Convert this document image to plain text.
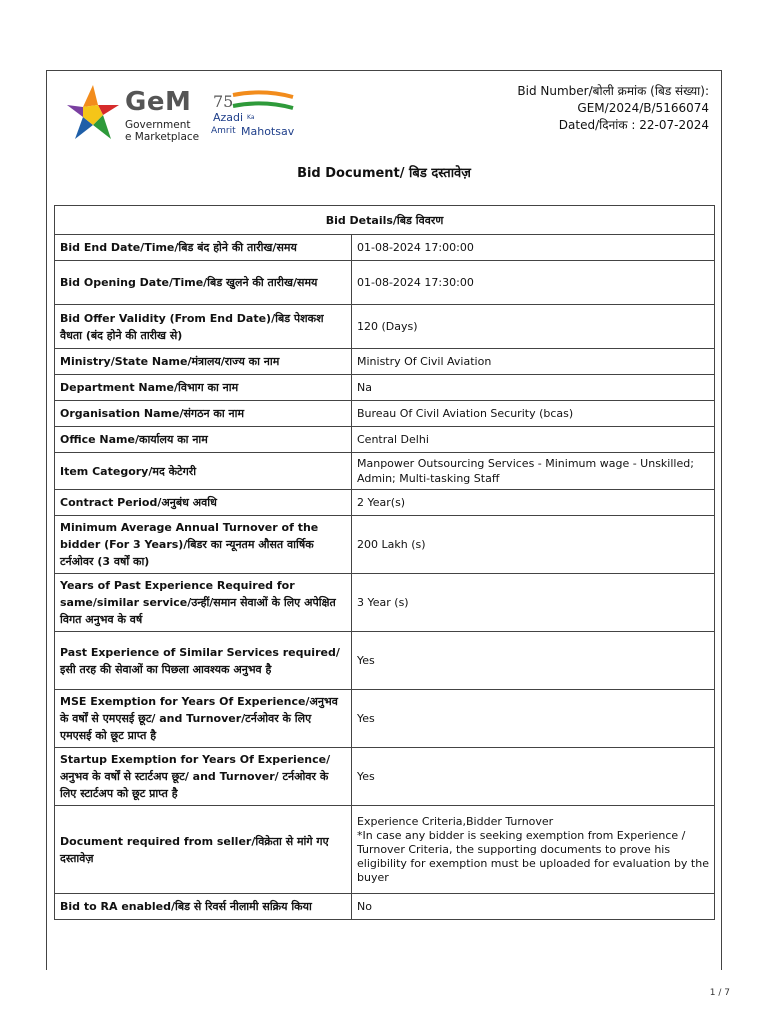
GeM
Government
e Marketplace
75
Azadi Ka
Amrit Mahotsav
Bid Number/बोली क्रमांक (बिड संख्या):
GEM/2024/B/5166074
Dated/दिनांक : 22-07-2024
Bid Document/ बिड दस्तावेज़
Bid Details/बिड विवरण	
Bid End Date/Time/बिड बंद होने की तारीख/समय	01-08-2024 17:00:00
Bid Opening Date/Time/बिड खुलने की तारीख/समय	01-08-2024 17:30:00
Bid Offer Validity (From End Date)/बिड पेशकश वैधता (बंद होने की तारीख से)	120 (Days)
Ministry/State Name/मंत्रालय/राज्य का नाम	Ministry Of Civil Aviation
Department Name/विभाग का नाम	Na
Organisation Name/संगठन का नाम	Bureau Of Civil Aviation Security (bcas)
Office Name/कार्यालय का नाम	Central Delhi
Item Category/मद केटेगरी	Manpower Outsourcing Services - Minimum wage - Unskilled; Admin; Multi-tasking Staff
Contract Period/अनुबंध अवधि	2 Year(s)
Minimum Average Annual Turnover of the bidder (For 3 Years)/बिडर का न्यूनतम औसत वार्षिक टर्नओवर (3 वर्षों का)	200 Lakh (s)
Years of Past Experience Required for same/similar service/उन्हीं/समान सेवाओं के लिए अपेक्षित विगत अनुभव के वर्ष	3 Year (s)
Past Experience of Similar Services required/इसी तरह की सेवाओं का पिछला आवश्यक अनुभव है	Yes
MSE Exemption for Years Of Experience/अनुभव के वर्षों से एमएसई छूट/ and Turnover/टर्नओवर के लिए एमएसई को छूट प्राप्त है	Yes
Startup Exemption for Years Of Experience/अनुभव के वर्षों से स्टार्टअप छूट/ and Turnover/ टर्नओवर के लिए स्टार्टअप को छूट प्राप्त है	Yes
Document required from seller/विक्रेता से मांगे गए दस्तावेज़	Experience Criteria,Bidder Turnover
*In case any bidder is seeking exemption from Experience / Turnover Criteria, the supporting documents to prove his eligibility for exemption must be uploaded for evaluation by the buyer
Bid to RA enabled/बिड से रिवर्स नीलामी सक्रिय किया	No
1 / 7
